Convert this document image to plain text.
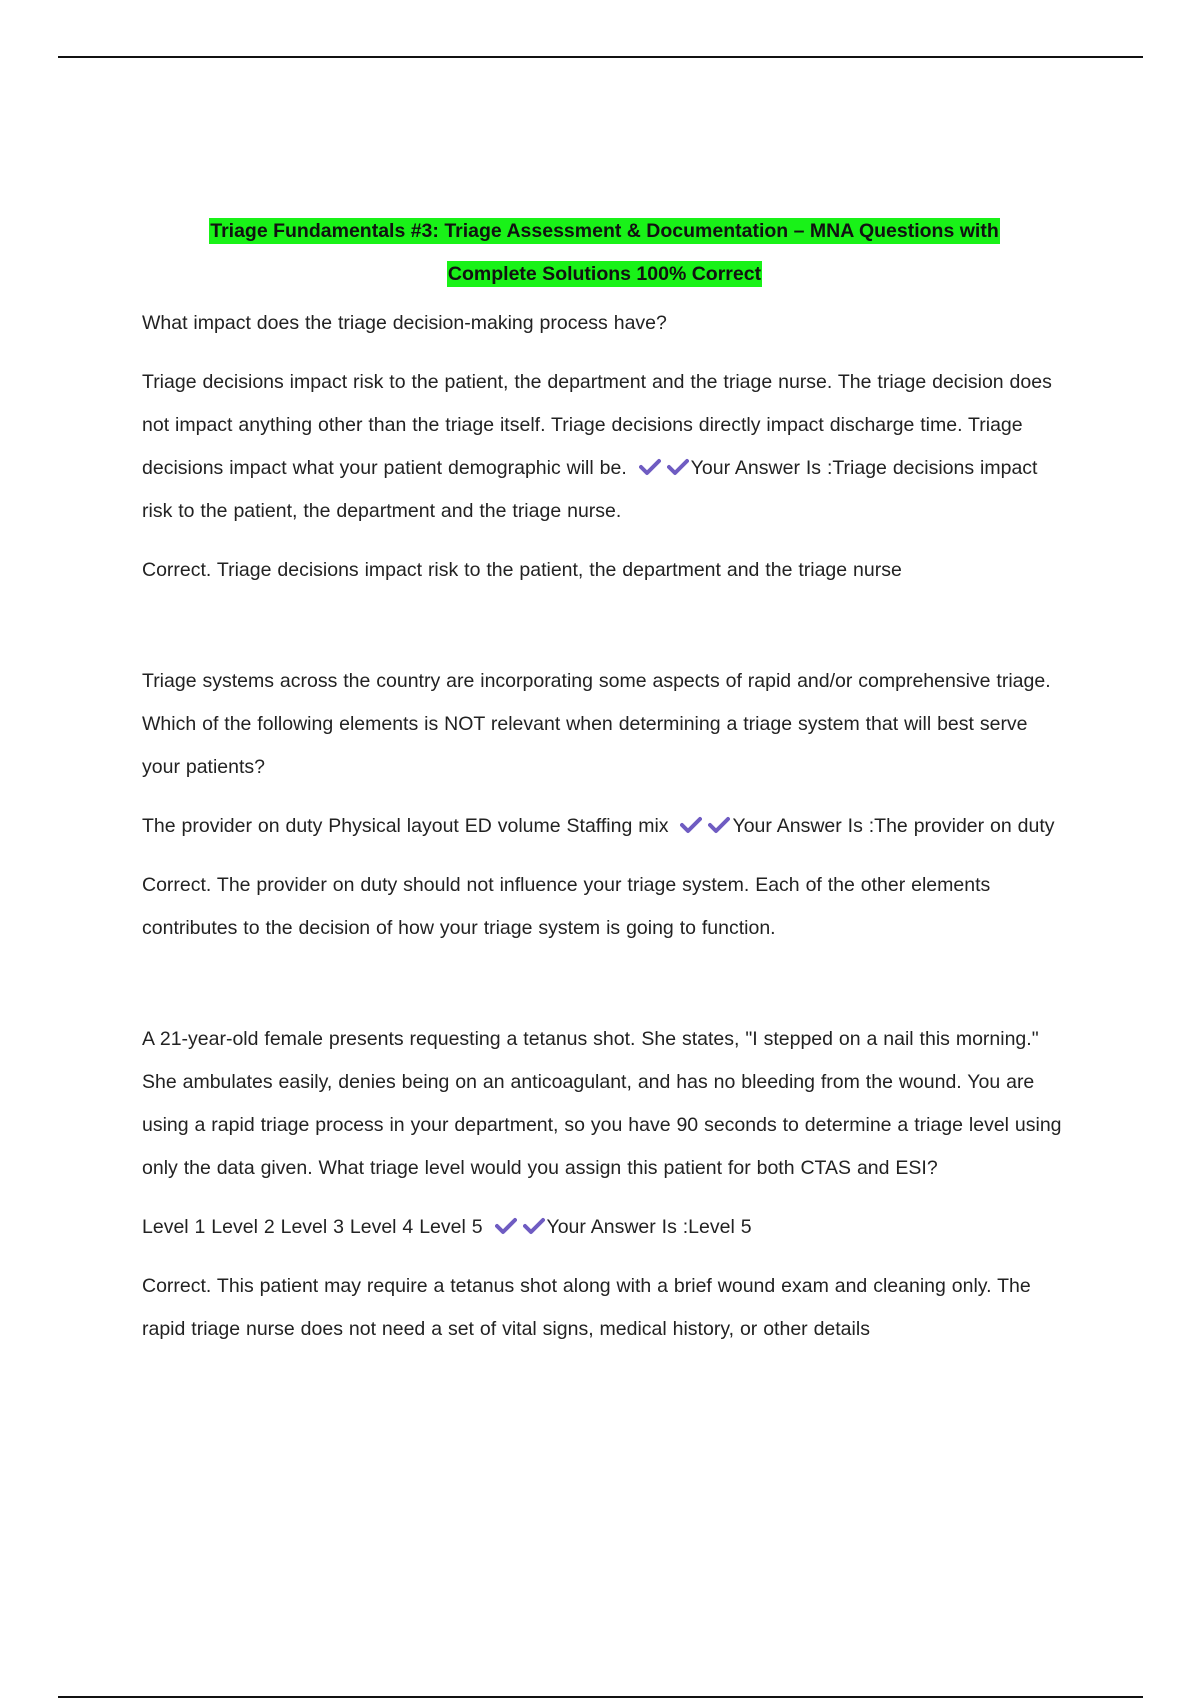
Triage Fundamentals #3: Triage Assessment & Documentation – MNA Questions with
Complete Solutions 100% Correct

What impact does the triage decision-making process have?

Triage decisions impact risk to the patient, the department and the triage nurse. The triage decision does not impact anything other than the triage itself. Triage decisions directly impact discharge time. Triage decisions impact what your patient demographic will be.	Your Answer Is :Triage decisions impact risk to the patient, the department and the triage nurse.

Correct. Triage decisions impact risk to the patient, the department and the triage nurse

Triage systems across the country are incorporating some aspects of rapid and/or comprehensive triage. Which of the following elements is NOT relevant when determining a triage system that will best serve your patients?

The provider on duty Physical layout ED volume Staffing mix	Your Answer Is :The provider on duty

Correct. The provider on duty should not influence your triage system. Each of the other elements contributes to the decision of how your triage system is going to function.

A 21-year-old female presents requesting a tetanus shot. She states, "I stepped on a nail this morning." She ambulates easily, denies being on an anticoagulant, and has no bleeding from the wound. You are using a rapid triage process in your department, so you have 90 seconds to determine a triage level using only the data given. What triage level would you assign this patient for both CTAS and ESI?

Level 1 Level 2 Level 3 Level 4 Level 5	Your Answer Is :Level 5

Correct. This patient may require a tetanus shot along with a brief wound exam and cleaning only. The rapid triage nurse does not need a set of vital signs, medical history, or other details
